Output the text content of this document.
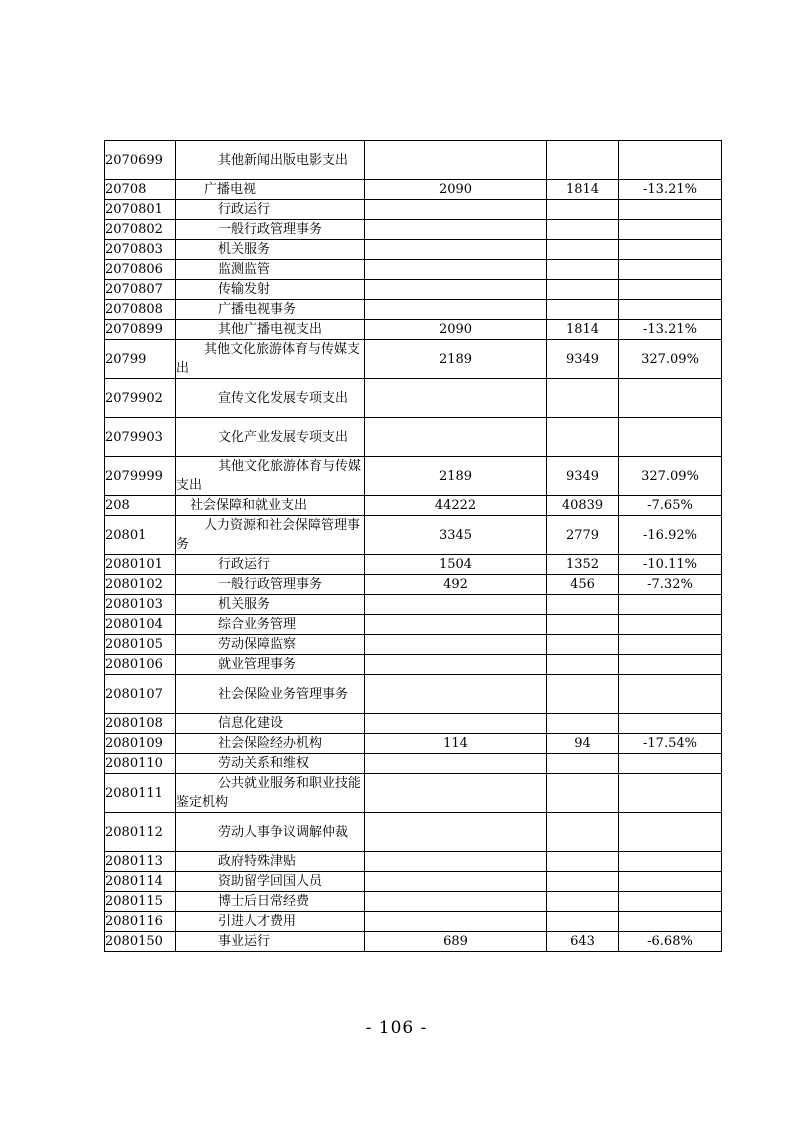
2070699	其他新闻出版电影支出			

20708	广播电视	2090	1814	-13.21%
2070801	行政运行			

2070802	一般行政管理事务			

2070803	机关服务			

2070806	监测监管			

2070807	传输发射			

2070808	广播电视事务			

2070899	其他广播电视支出	2090	1814	-13.21%
20799	其他文化旅游体育与传媒支出	2189	9349	327.09%
2079902	宣传文化发展专项支出			

2079903	文化产业发展专项支出			

2079999	其他文化旅游体育与传媒支出	2189	9349	327.09%
208	社会保障和就业支出	44222	40839	-7.65%
20801	人力资源和社会保障管理事务	3345	2779	-16.92%
2080101	行政运行	1504	1352	-10.11%
2080102	一般行政管理事务	492	456	-7.32%
2080103	机关服务			

2080104	综合业务管理			

2080105	劳动保障监察			

2080106	就业管理事务			

2080107	社会保险业务管理事务			

2080108	信息化建设			

2080109	社会保险经办机构	114	94	-17.54%
2080110	劳动关系和维权			

2080111	公共就业服务和职业技能鉴定机构			

2080112	劳动人事争议调解仲裁			

2080113	政府特殊津贴			

2080114	资助留学回国人员			

2080115	博士后日常经费			

2080116	引进人才费用			

2080150	事业运行	689	643	-6.68%
- 106 -
